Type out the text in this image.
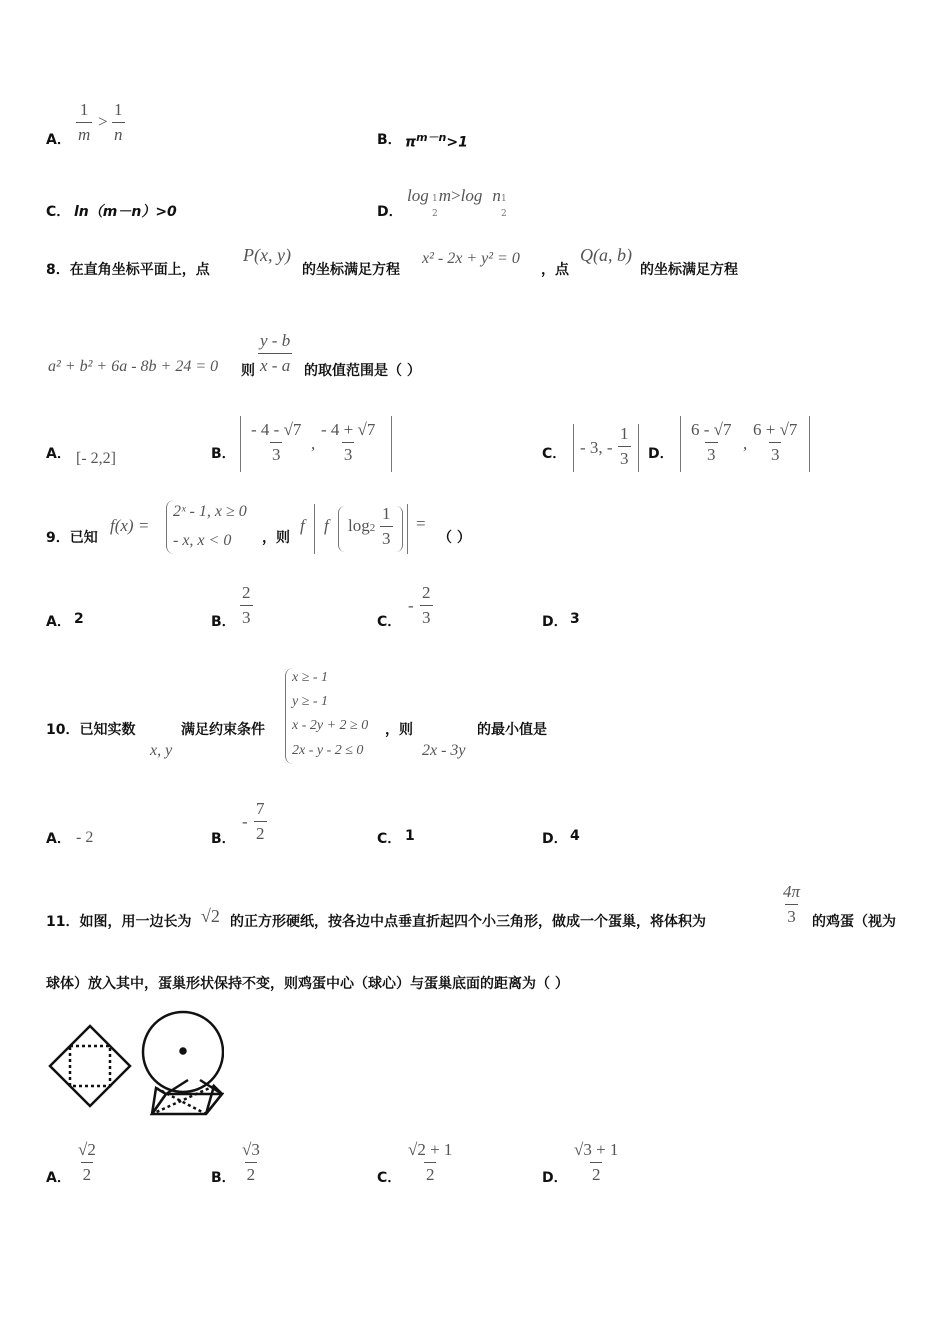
A． $\frac{1}{m} > \frac{1}{n}$	B． $\pi^{m-n}>1$
C． ln（m－n）>0	D．
log 1
2
m>log 1
2
n
8．在直角坐标平面上，点
P(x, y)
的坐标满足方程
x² - 2x + y² = 0
，点
Q(a, b)
的坐标满足方程
a² + b² + 6a - 8b + 24 = 0 则 $\frac{y - b}{x - a}$ 的取值范围是（ ）
A． [- 2,2]	B． $\frac{- 4 - √7}{3}$ , $\frac{- 4 + √7}{3}$	C． - 3, - $\frac{1}{3}$ D． $\frac{6 - √7}{3}$ , $\frac{6 + √7}{3}$
9．已知
f(x) =
2ˣ - 1, x ≥ 0
- x, x < 0 ，则
f f $\log 2 \frac{1}{3}$ =
（ ）
A． 2	B． $\frac{2}{3}$	C．
- $\frac{2}{3}$	D． 3
10．已知实数
x, y
满足约束条件
x ≥ - 1
y ≥ - 1
x - 2y + 2 ≥ 0
2x - y - 2 ≤ 0
，则
2x - 3y
的最小值是
A． - 2	B．
- $\frac{7}{2}$	C． 1	D． 4
11．如图，用一边长为 √2 的正方形硬纸，按各边中点垂直折起四个小三角形，做成一个蛋巢，将体积为	$\frac{4\pi}{3}$ 的鸡蛋（视为
球体）放入其中，蛋巢形状保持不变，则鸡蛋中心（球心）与蛋巢底面的距离为（ ）
A． $\frac{√2}{2}$	B． $\frac{√3}{2}$	C． $\frac{√2 + 1}{2}$	D． $\frac{√3 + 1}{2}$
